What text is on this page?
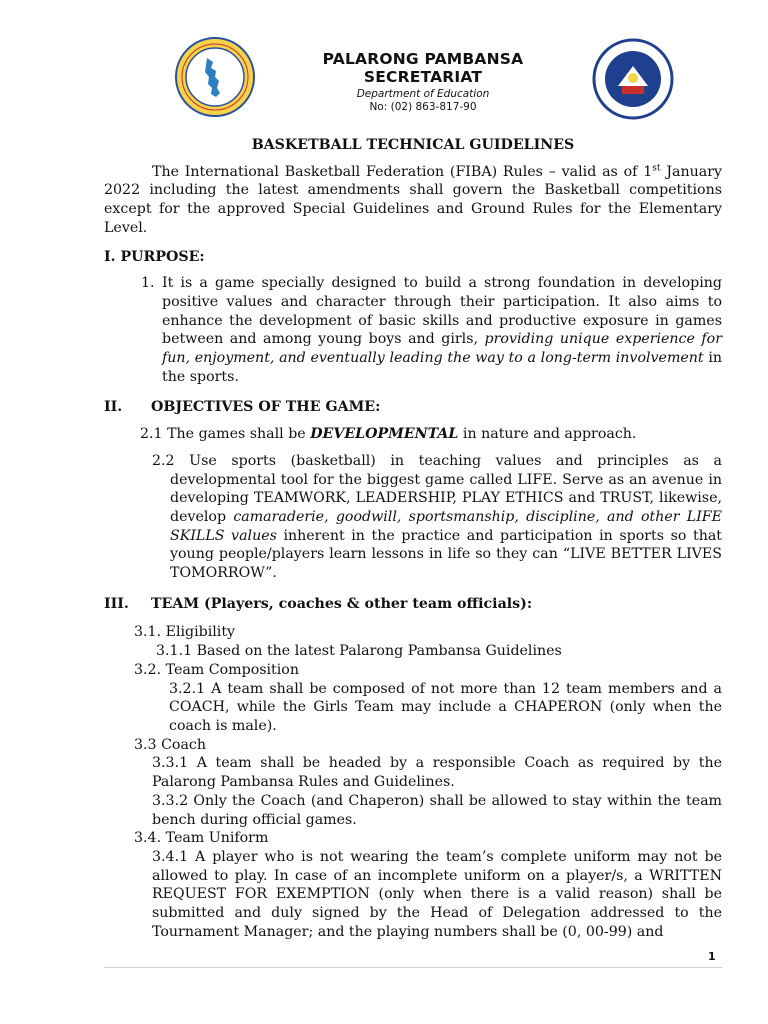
PALARONG PAMBANSA SECRETARIAT
Department of Education
No: (02) 863-817-90

BASKETBALL TECHNICAL GUIDELINES

The International Basketball Federation (FIBA) Rules – valid as of 1st January 2022 including the latest amendments shall govern the Basketball competitions except for the approved Special Guidelines and Ground Rules for the Elementary Level.

I. PURPOSE:

1. It is a game specially designed to build a strong foundation in developing positive values and character through their participation. It also aims to enhance the development of basic skills and productive exposure in games between and among young boys and girls, providing unique experience for fun, enjoyment, and eventually leading the way to a long-term involvement in the sports.

II. OBJECTIVES OF THE GAME:

2.1 The games shall be DEVELOPMENTAL in nature and approach.

2.2 Use sports (basketball) in teaching values and principles as a developmental tool for the biggest game called LIFE. Serve as an avenue in developing TEAMWORK, LEADERSHIP, PLAY ETHICS and TRUST, likewise, develop camaraderie, goodwill, sportsmanship, discipline, and other LIFE SKILLS values inherent in the practice and participation in sports so that young people/players learn lessons in life so they can “LIVE BETTER LIVES TOMORROW”.

III. TEAM (Players, coaches & other team officials):

3.1. Eligibility

3.1.1 Based on the latest Palarong Pambansa Guidelines

3.2. Team Composition

3.2.1 A team shall be composed of not more than 12 team members and a COACH, while the Girls Team may include a CHAPERON (only when the coach is male).

3.3 Coach

3.3.1 A team shall be headed by a responsible Coach as required by the Palarong Pambansa Rules and Guidelines.

3.3.2 Only the Coach (and Chaperon) shall be allowed to stay within the team bench during official games.

3.4. Team Uniform

3.4.1 A player who is not wearing the team’s complete uniform may not be allowed to play. In case of an incomplete uniform on a player/s, a WRITTEN REQUEST FOR EXEMPTION (only when there is a valid reason) shall be submitted and duly signed by the Head of Delegation addressed to the Tournament Manager; and the playing numbers shall be (0, 00-99) and

1
